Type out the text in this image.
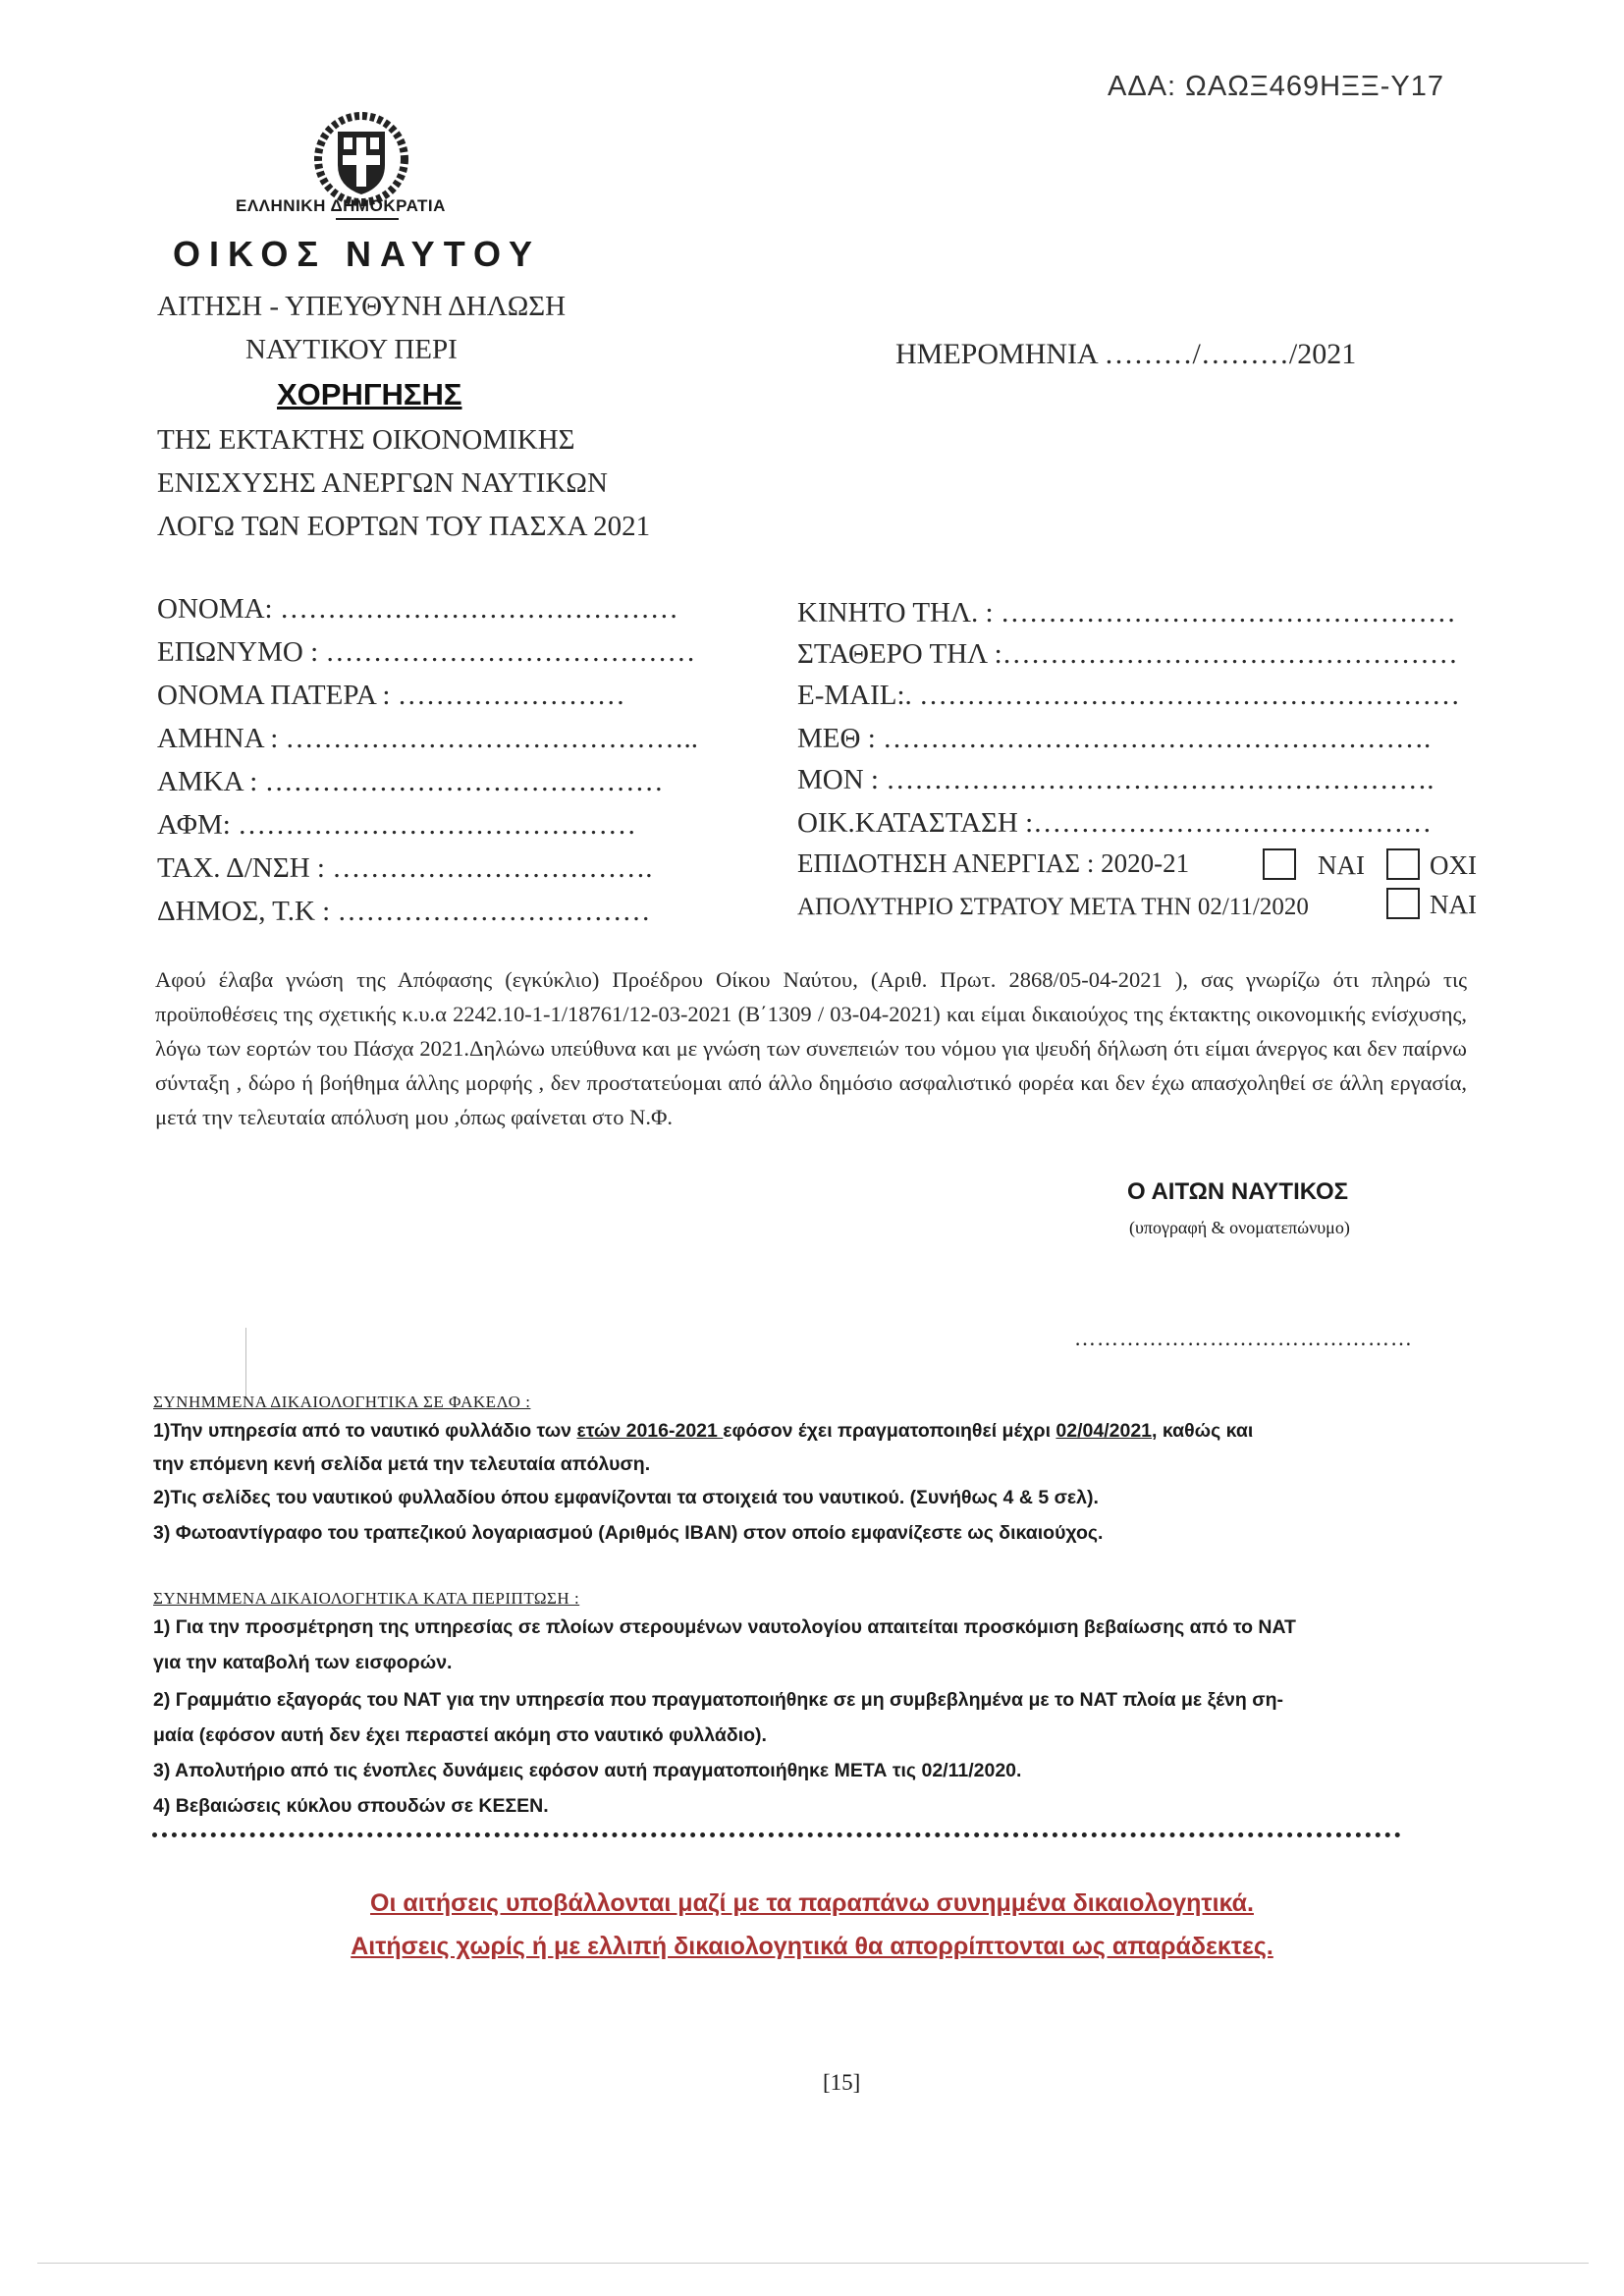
ΑΔΑ: ΩΑΩΞ469ΗΞΞ-Υ17
ΕΛΛΗΝΙΚΗ ΔΗΜΟΚΡΑΤΙΑ
ΟΙΚΟΣ ΝΑΥΤΟΥ
ΑΙΤΗΣΗ - ΥΠΕΥΘΥΝΗ ΔΗΛΩΣΗ
ΝΑΥΤΙΚΟΥ ΠΕΡΙ
ΧΟΡΗΓΗΣΗΣ
ΤΗΣ ΕΚΤΑΚΤΗΣ ΟΙΚΟΝΟΜΙΚΗΣ
ΕΝΙΣΧΥΣΗΣ ΑΝΕΡΓΩΝ ΝΑΥΤΙΚΩΝ
ΛΟΓΩ ΤΩΝ ΕΟΡΤΩΝ ΤΟΥ ΠΑΣΧΑ 2021
ΗΜΕΡΟΜΗΝΙΑ ………/………/2021
ΟΝΟΜΑ: ……………………………………
ΕΠΩΝΥΜΟ : …………………………………
ΟΝΟΜΑ ΠΑΤΕΡΑ : ……………………
ΑΜΗΝΑ : ……………………………………..
ΑΜΚΑ : ……………………………………
ΑΦΜ: ……………………………………
ΤΑΧ. Δ/ΝΣΗ : …………………………….
ΔΗΜΟΣ, Τ.Κ : ……………………………
ΚΙΝΗΤΟ ΤΗΛ. : …………………………………………
ΣΤΑΘΕΡΟ ΤΗΛ :…………………………………………
E-MAIL:. …………………………………………………
ΜΕΘ : ………………………………………………….
ΜΟΝ : ………………………………………………….
ΟΙΚ.ΚΑΤΑΣΤΑΣΗ :……………………………………
ΕΠΙΔΟΤΗΣΗ ΑΝΕΡΓΙΑΣ : 2020-21	ΝΑΙ ΟΧΙ
ΑΠΟΛΥΤΗΡΙΟ ΣΤΡΑΤΟΥ ΜΕΤΑ ΤΗΝ 02/11/2020	ΝΑΙ
Αφού έλαβα γνώση της Απόφασης (εγκύκλιο) Προέδρου Οίκου Ναύτου, (Αριθ. Πρωτ. 2868/05-04-2021 ), σας γνωρίζω ότι πληρώ τις προϋποθέσεις της σχετικής κ.υ.α 2242.10-1-1/18761/12-03-2021 (Β΄1309 / 03-04-2021) και είμαι δικαιούχος της έκτακτης οικονομικής ενίσχυσης, λόγω των εορτών του Πάσχα 2021.Δηλώνω υπεύθυνα και με γνώση των συνεπειών του νόμου για ψευδή δήλωση ότι είμαι άνεργος και δεν παίρνω σύνταξη , δώρο ή βοήθημα άλλης μορφής , δεν προστατεύομαι από άλλο δημόσιο ασφαλιστικό φορέα και δεν έχω απασχοληθεί σε άλλη εργασία, μετά την τελευταία απόλυση μου ,όπως φαίνεται στο Ν.Φ.
Ο ΑΙΤΩΝ ΝΑΥΤΙΚΟΣ
(υπογραφή & ονοματεπώνυμο)
………………………………………
ΣΥΝΗΜΜΕΝΑ ΔΙΚΑΙΟΛΟΓΗΤΙΚΑ ΣΕ ΦΑΚΕΛΟ :
1)Την υπηρεσία από το ναυτικό φυλλάδιο των ετών 2016-2021 εφόσον έχει πραγματοποιηθεί μέχρι 02/04/2021, καθώς και
την επόμενη κενή σελίδα μετά την τελευταία απόλυση.
2)Τις σελίδες του ναυτικού φυλλαδίου όπου εμφανίζονται τα στοιχειά του ναυτικού. (Συνήθως 4 & 5 σελ).
3) Φωτοαντίγραφο του τραπεζικού λογαριασμού (Αριθμός ΙΒΑΝ) στον οποίο εμφανίζεστε ως δικαιούχος.
ΣΥΝΗΜΜΕΝΑ ΔΙΚΑΙΟΛΟΓΗΤΙΚΑ ΚΑΤΑ ΠΕΡΙΠΤΩΣΗ :
1) Για την προσμέτρηση της υπηρεσίας σε πλοίων στερουμένων ναυτολογίου απαιτείται προσκόμιση βεβαίωσης από το ΝΑΤ
για την καταβολή των εισφορών.
2) Γραμμάτιο εξαγοράς του ΝΑΤ για την υπηρεσία που πραγματοποιήθηκε σε μη συμβεβλημένα με το ΝΑΤ πλοία με ξένη ση-
μαία (εφόσον αυτή δεν έχει περαστεί ακόμη στο ναυτικό φυλλάδιο).
3) Απολυτήριο από τις ένοπλες δυνάμεις εφόσον αυτή πραγματοποιήθηκε ΜΕΤΑ τις 02/11/2020.
4) Βεβαιώσεις κύκλου σπουδών σε ΚΕΣΕΝ.
Οι αιτήσεις υποβάλλονται μαζί με τα παραπάνω συνημμένα δικαιολογητικά.
Αιτήσεις χωρίς ή με ελλιπή δικαιολογητικά θα απορρίπτονται ως απαράδεκτες.
[15]
